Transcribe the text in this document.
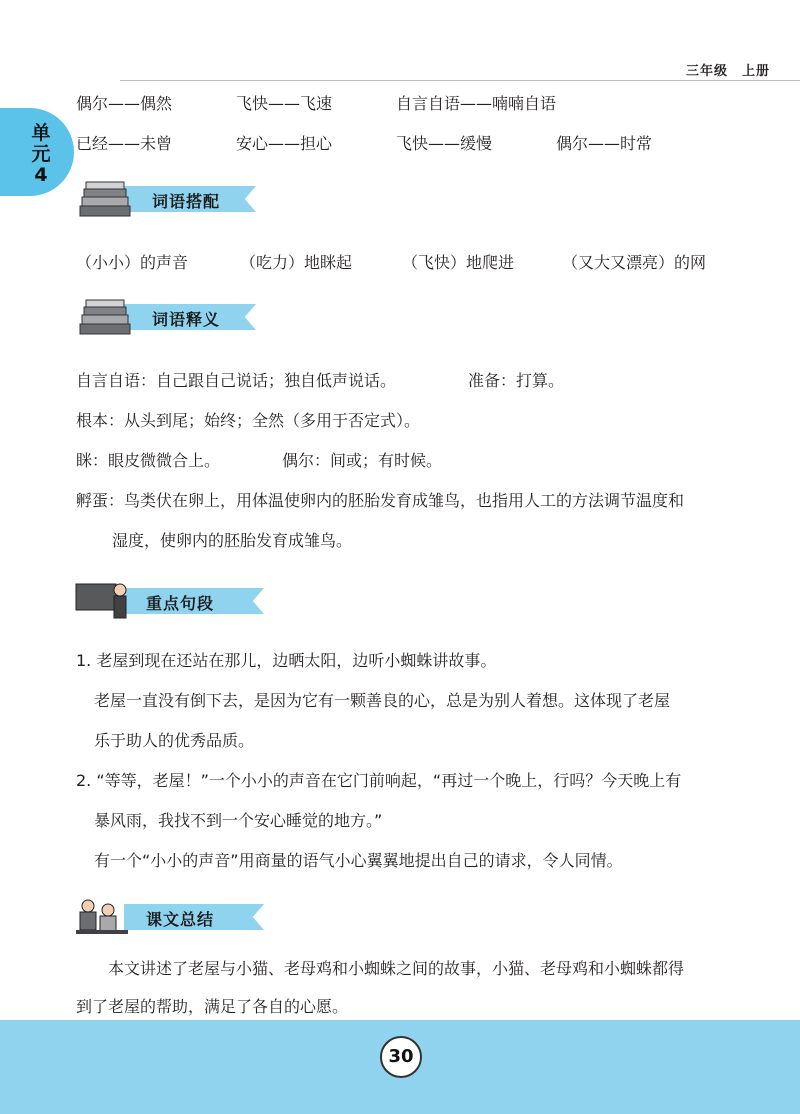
三年级　上册
单元4
偶尔——偶然	飞快——飞速	自言自语——喃喃自语
已经——未曾	安心——担心	飞快——缓慢	偶尔——时常
词语搭配
（小小）的声音	（吃力）地眯起	（飞快）地爬进	（又大又漂亮）的网
词语释义
自言自语：自己跟自己说话；独自低声说话。	准备：打算。
根本：从头到尾；始终；全然（多用于否定式）。
眯：眼皮微微合上。	偶尔：间或；有时候。
孵蛋：鸟类伏在卵上，用体温使卵内的胚胎发育成雏鸟，也指用人工的方法调节温度和
湿度，使卵内的胚胎发育成雏鸟。
重点句段
1. 老屋到现在还站在那儿，边晒太阳，边听小蜘蛛讲故事。
老屋一直没有倒下去，是因为它有一颗善良的心，总是为别人着想。这体现了老屋
乐于助人的优秀品质。
2. “等等，老屋！”一个小小的声音在它门前响起，“再过一个晚上，行吗？今天晚上有
暴风雨，我找不到一个安心睡觉的地方。”
有一个“小小的声音”用商量的语气小心翼翼地提出自己的请求，令人同情。
课文总结
本文讲述了老屋与小猫、老母鸡和小蜘蛛之间的故事，小猫、老母鸡和小蜘蛛都得
到了老屋的帮助，满足了各自的心愿。
30
